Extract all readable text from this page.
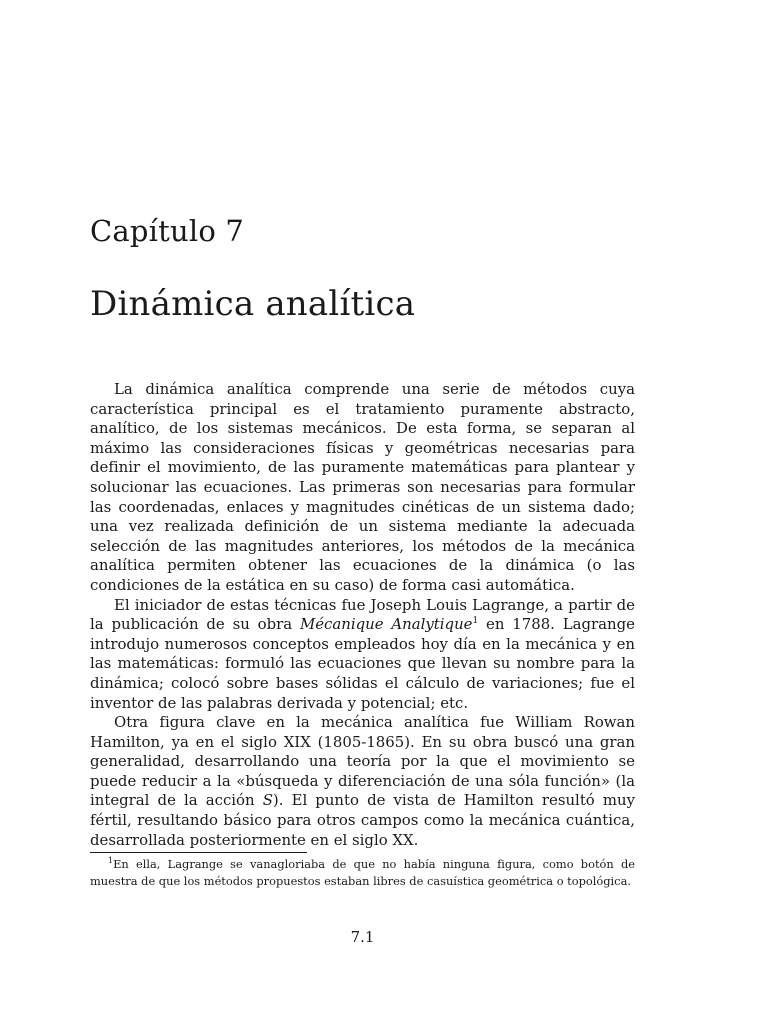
Capítulo 7
Dinámica analítica

La dinámica analítica comprende una serie de métodos cuya característica principal es el tratamiento puramente abstracto, analítico, de los sistemas mecánicos. De esta forma, se separan al máximo las consideraciones físicas y geométricas necesarias para definir el movimiento, de las puramente matemáticas para plantear y solucionar las ecuaciones. Las primeras son necesarias para formular las coordenadas, enlaces y magnitudes cinéticas de un sistema dado; una vez realizada definición de un sistema mediante la adecuada selección de las magnitudes anteriores, los métodos de la mecánica analítica permiten obtener las ecuaciones de la dinámica (o las condiciones de la estática en su caso) de forma casi automática.

El iniciador de estas técnicas fue Joseph Louis Lagrange, a partir de la publicación de su obra Mécanique Analytique$^1$ en 1788. Lagrange introdujo numerosos conceptos empleados hoy día en la mecánica y en las matemáticas: formuló las ecuaciones que llevan su nombre para la dinámica; colocó sobre bases sólidas el cálculo de variaciones; fue el inventor de las palabras derivada y potencial; etc.

Otra figura clave en la mecánica analítica fue William Rowan Hamilton, ya en el siglo XIX (1805-1865). En su obra buscó una gran generalidad, desarrollando una teoría por la que el movimiento se puede reducir a la «búsqueda y diferenciación de una sóla función» (la integral de la acción S). El punto de vista de Hamilton resultó muy fértil, resultando básico para otros campos como la mecánica cuántica, desarrollada posteriormente en el siglo XX.

$^1$En ella, Lagrange se vanagloriaba de que no había ninguna figura, como botón de muestra de que los métodos propuestos estaban libres de casuística geométrica o topológica.

7.1
